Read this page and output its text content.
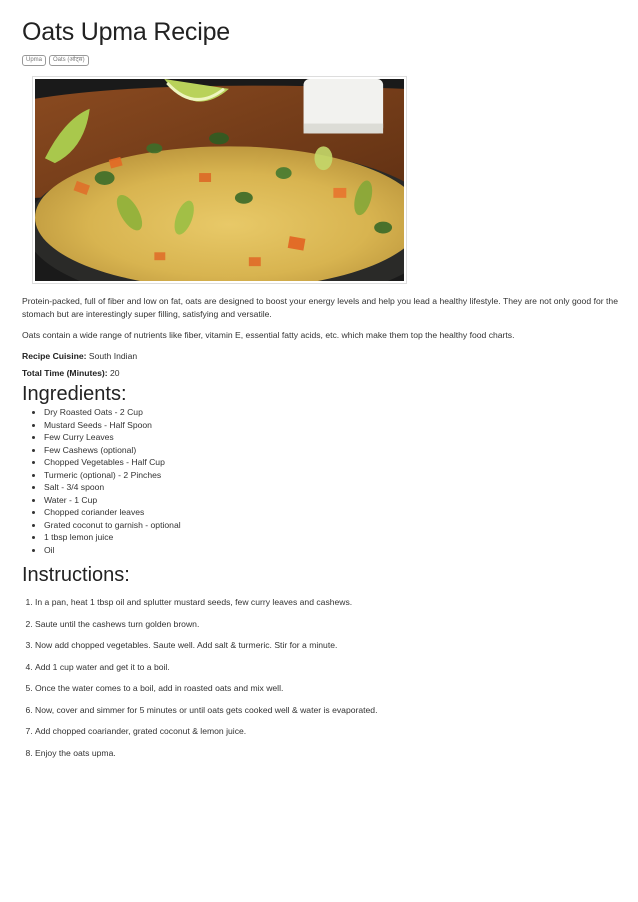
Oats Upma Recipe
Upma	Oats (ओट्स)

Protein-packed, full of fiber and low on fat, oats are designed to boost your energy levels and help you lead a healthy lifestyle. They are not only good for the stomach but are interestingly super filling, satisfying and versatile.

Oats contain a wide range of nutrients like fiber, vitamin E, essential fatty acids, etc. which make them top the healthy food charts.

Recipe Cuisine: South Indian

Total Time (Minutes): 20

Ingredients:
• Dry Roasted Oats - 2 Cup
• Mustard Seeds - Half Spoon
• Few Curry Leaves
• Few Cashews (optional)
• Chopped Vegetables - Half Cup
• Turmeric (optional) - 2 Pinches
• Salt - 3/4 spoon
• Water - 1 Cup
• Chopped coriander leaves
• Grated coconut to garnish - optional
• 1 tbsp lemon juice
• Oil
Instructions:
1. In a pan, heat 1 tbsp oil and splutter mustard seeds, few curry leaves and cashews.
2. Saute until the cashews turn golden brown.
3. Now add chopped vegetables. Saute well. Add salt & turmeric. Stir for a minute.
4. Add 1 cup water and get it to a boil.
5. Once the water comes to a boil, add in roasted oats and mix well.
6. Now, cover and simmer for 5 minutes or until oats gets cooked well & water is evaporated.
7. Add chopped coariander, grated coconut & lemon juice.
8. Enjoy the oats upma.
